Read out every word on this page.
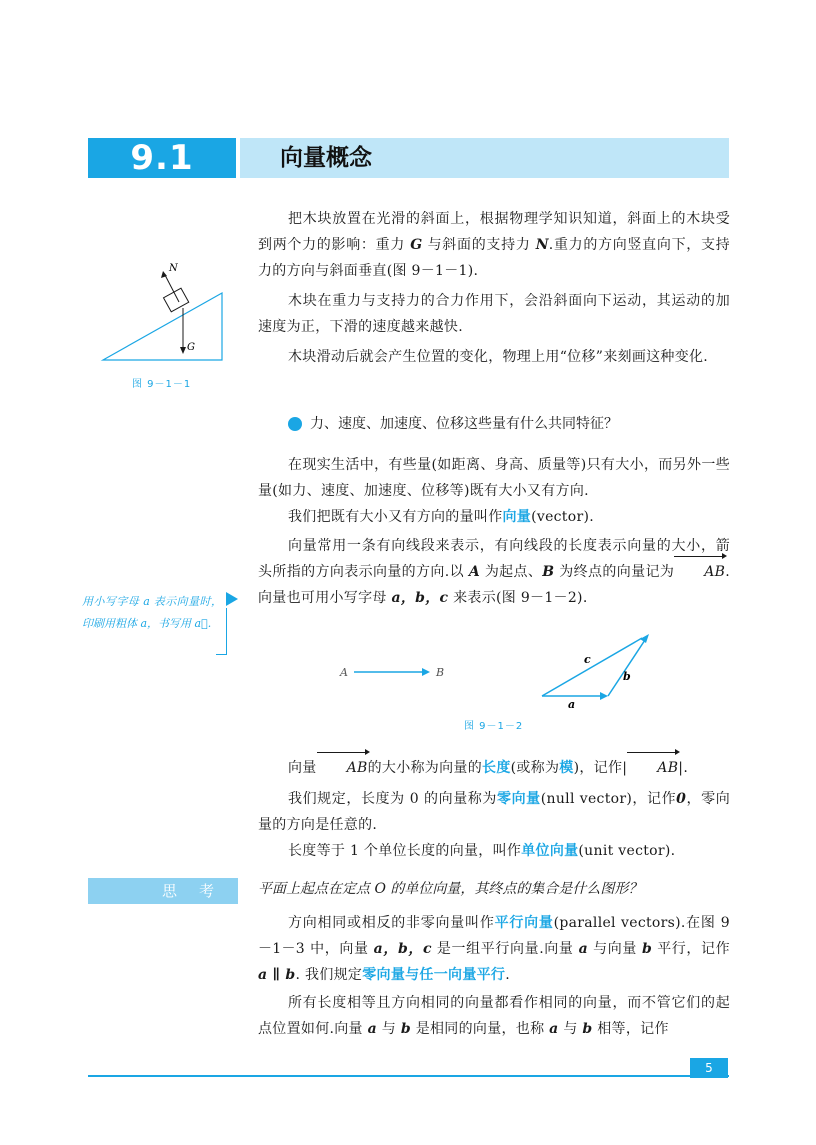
9.1	向量概念
N
G
图 9－1－1
把木块放置在光滑的斜面上，根据物理学知识知道，斜面上的木块受到两个力的影响：重力 G 与斜面的支持力 N.重力的方向竖直向下，支持力的方向与斜面垂直(图 9－1－1).
木块在重力与支持力的合力作用下，会沿斜面向下运动，其运动的加速度为正，下滑的速度越来越快.
木块滑动后就会产生位置的变化，物理上用“位移”来刻画这种变化.
力、速度、加速度、位移这些量有什么共同特征？
在现实生活中，有些量(如距离、身高、质量等)只有大小，而另外一些量(如力、速度、加速度、位移等)既有大小又有方向.
我们把既有大小又有方向的量叫作向量(vector).
向量常用一条有向线段来表示，有向线段的长度表示向量的大小，箭头所指的方向表示向量的方向.以 A 为起点、B 为终点的向量记为 AB.向量也可用小写字母 a，b，c 来表示(图 9－1－2).
用小写字母 a 表示向量时，印刷用粗体 a，书写用 a⃗.
A	B
a
b
c
图 9－1－2
向量 AB的大小称为向量的长度(或称为模)，记作| AB|.
我们规定，长度为 0 的向量称为零向量(null vector)，记作0，零向量的方向是任意的.
长度等于 1 个单位长度的向量，叫作单位向量(unit vector).
思考 平面上起点在定点 O 的单位向量，其终点的集合是什么图形？
方向相同或相反的非零向量叫作平行向量(parallel vectors).在图 9－1－3 中，向量 a，b，c 是一组平行向量.向量 a 与向量 b 平行，记作 a ∥ b. 我们规定零向量与任一向量平行.
所有长度相等且方向相同的向量都看作相同的向量，而不管它们的起点位置如何.向量 a 与 b 是相同的向量，也称 a 与 b 相等，记作
5
